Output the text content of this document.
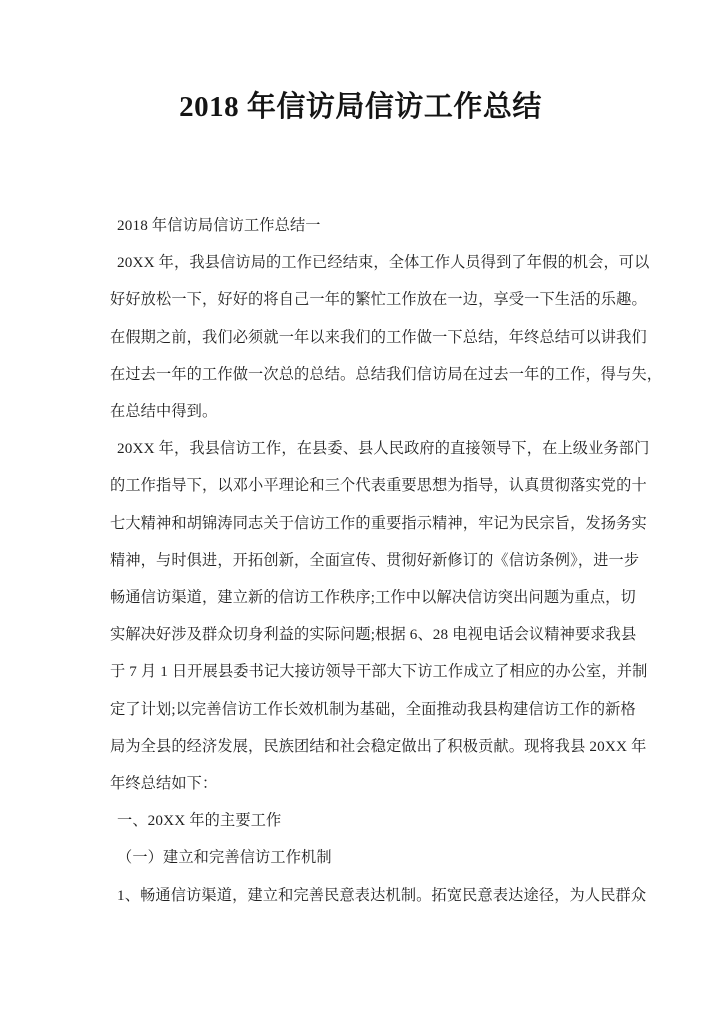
2018 年信访局信访工作总结
2018 年信访局信访工作总结一
20XX 年，我县信访局的工作已经结束，全体工作人员得到了年假的机会，可以
好好放松一下，好好的将自己一年的繁忙工作放在一边，享受一下生活的乐趣。
在假期之前，我们必须就一年以来我们的工作做一下总结，年终总结可以讲我们
在过去一年的工作做一次总的总结。总结我们信访局在过去一年的工作，得与失，
在总结中得到。
20XX 年，我县信访工作，在县委、县人民政府的直接领导下，在上级业务部门
的工作指导下，以邓小平理论和三个代表重要思想为指导，认真贯彻落实党的十
七大精神和胡锦涛同志关于信访工作的重要指示精神，牢记为民宗旨，发扬务实
精神，与时俱进，开拓创新，全面宣传、贯彻好新修订的《信访条例》，进一步
畅通信访渠道，建立新的信访工作秩序;工作中以解决信访突出问题为重点，切
实解决好涉及群众切身利益的实际问题;根据 6、28 电视电话会议精神要求我县
于 7 月 1 日开展县委书记大接访领导干部大下访工作成立了相应的办公室，并制
定了计划;以完善信访工作长效机制为基础，全面推动我县构建信访工作的新格
局为全县的经济发展，民族团结和社会稳定做出了积极贡献。现将我县 20XX 年
年终总结如下：
一、20XX 年的主要工作
（一）建立和完善信访工作机制
1、畅通信访渠道，建立和完善民意表达机制。拓宽民意表达途径，为人民群众
